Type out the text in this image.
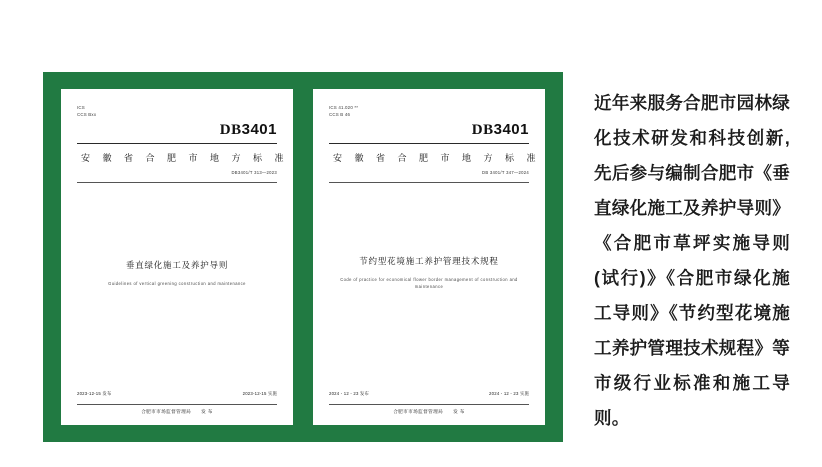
ICS
CCS Bxx
DB3401
安 徽 省 合 肥 市 地 方 标 准
DB3401/T 313—2023
垂直绿化施工及养护导则
Guidelines of vertical greening construction and maintenance
2023-12-15 发布	2023-12-15 实施
合肥市市场监督管理局 发 布
ICS 41.020 **
CCS B 46
DB3401
安 徽 省 合 肥 市 地 方 标 准
DB 3401/T 347—2024
节约型花境施工养护管理技术规程
Code of practice for economical flower border management of construction and maintenance
2024 - 12 - 23 发布	2024 - 12 - 23 实施
合肥市市场监督管理局 发 布

近年来服务合肥市园林绿化技术研发和科技创新,先后参与编制合肥市《垂直绿化施工及养护导则》《合肥市草坪实施导则(试行)》《合肥市绿化施工导则》《节约型花境施工养护管理技术规程》等市级行业标准和施工导则。
